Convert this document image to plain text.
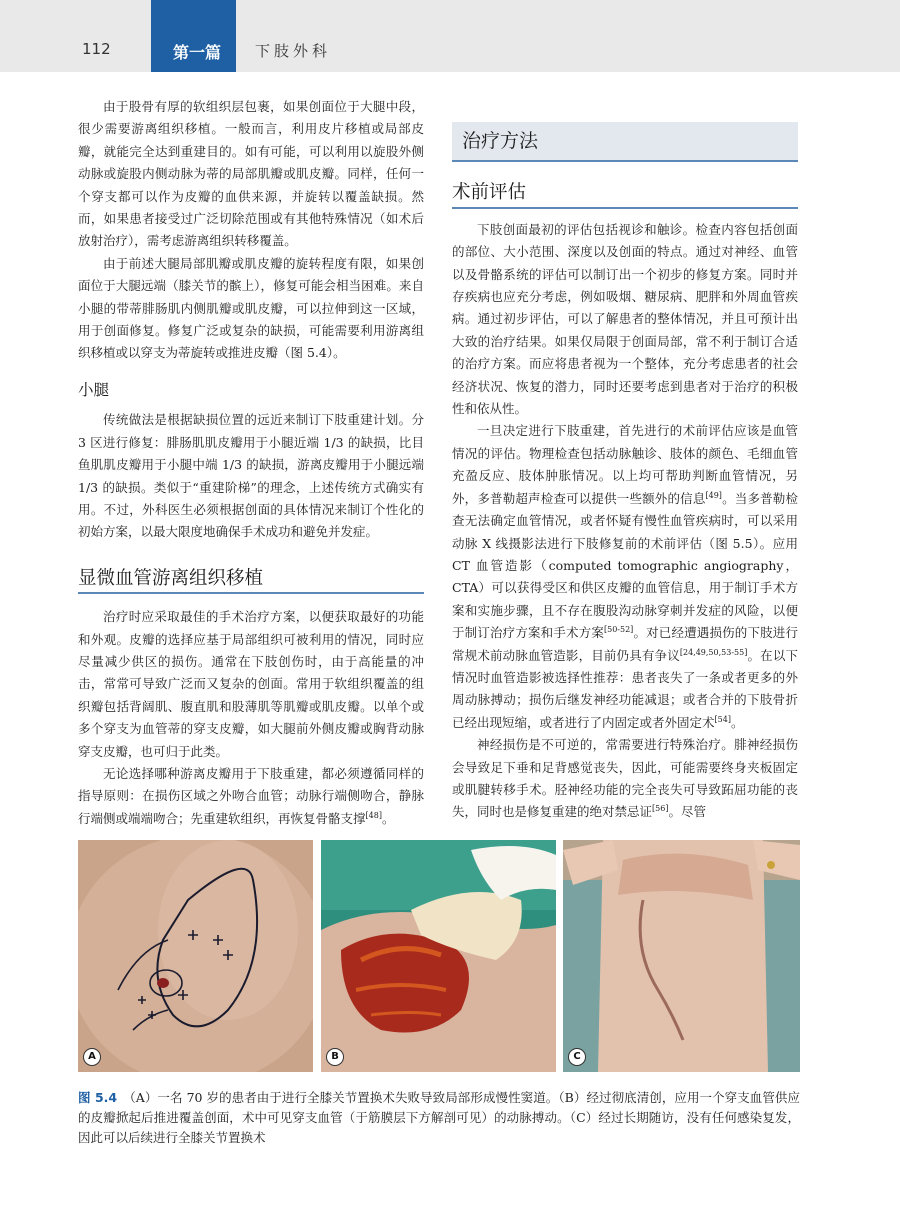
112	第一篇 下肢外科

由于股骨有厚的软组织层包裹，如果创面位于大腿中段，很少需要游离组织移植。一般而言，利用皮片移植或局部皮瓣，就能完全达到重建目的。如有可能，可以利用以旋股外侧动脉或旋股内侧动脉为蒂的局部肌瓣或肌皮瓣。同样，任何一个穿支都可以作为皮瓣的血供来源，并旋转以覆盖缺损。然而，如果患者接受过广泛切除范围或有其他特殊情况（如术后放射治疗），需考虑游离组织转移覆盖。

由于前述大腿局部肌瓣或肌皮瓣的旋转程度有限，如果创面位于大腿远端（膝关节的髌上），修复可能会相当困难。来自小腿的带蒂腓肠肌内侧肌瓣或肌皮瓣，可以拉伸到这一区域，用于创面修复。修复广泛或复杂的缺损，可能需要利用游离组织移植或以穿支为蒂旋转或推进皮瓣（图 5.4）。

小腿

传统做法是根据缺损位置的远近来制订下肢重建计划。分 3 区进行修复：腓肠肌肌皮瓣用于小腿近端 1/3 的缺损，比目鱼肌肌皮瓣用于小腿中端 1/3 的缺损，游离皮瓣用于小腿远端 1/3 的缺损。类似于“重建阶梯”的理念，上述传统方式确实有用。不过，外科医生必须根据创面的具体情况来制订个性化的初始方案，以最大限度地确保手术成功和避免并发症。

显微血管游离组织移植

治疗时应采取最佳的手术治疗方案，以便获取最好的功能和外观。皮瓣的选择应基于局部组织可被利用的情况，同时应尽量减少供区的损伤。通常在下肢创伤时，由于高能量的冲击，常常可导致广泛而又复杂的创面。常用于软组织覆盖的组织瓣包括背阔肌、腹直肌和股薄肌等肌瓣或肌皮瓣。以单个或多个穿支为血管蒂的穿支皮瓣，如大腿前外侧皮瓣或胸背动脉穿支皮瓣，也可归于此类。

无论选择哪种游离皮瓣用于下肢重建，都必须遵循同样的指导原则：在损伤区域之外吻合血管；动脉行端侧吻合，静脉行端侧或端端吻合；先重建软组织，再恢复骨骼支撑[48]。

治疗方法
术前评估

下肢创面最初的评估包括视诊和触诊。检查内容包括创面的部位、大小范围、深度以及创面的特点。通过对神经、血管以及骨骼系统的评估可以制订出一个初步的修复方案。同时并存疾病也应充分考虑，例如吸烟、糖尿病、肥胖和外周血管疾病。通过初步评估，可以了解患者的整体情况，并且可预计出大致的治疗结果。如果仅局限于创面局部，常不利于制订合适的治疗方案。而应将患者视为一个整体，充分考虑患者的社会经济状况、恢复的潜力，同时还要考虑到患者对于治疗的积极性和依从性。

一旦决定进行下肢重建，首先进行的术前评估应该是血管情况的评估。物理检查包括动脉触诊、肢体的颜色、毛细血管充盈反应、肢体肿胀情况。以上均可帮助判断血管情况，另外，多普勒超声检查可以提供一些额外的信息[49]。当多普勒检查无法确定血管情况，或者怀疑有慢性血管疾病时，可以采用动脉 X 线摄影法进行下肢修复前的术前评估（图 5.5）。应用 CT 血管造影（computed tomographic angiography，CTA）可以获得受区和供区皮瓣的血管信息，用于制订手术方案和实施步骤，且不存在腹股沟动脉穿刺并发症的风险，以便于制订治疗方案和手术方案[50-52]。对已经遭遇损伤的下肢进行常规术前动脉血管造影，目前仍具有争议[24,49,50,53-55]。在以下情况时血管造影被选择性推荐：患者丧失了一条或者更多的外周动脉搏动；损伤后继发神经功能减退；或者合并的下肢骨折已经出现短缩，或者进行了内固定或者外固定术[54]。

神经损伤是不可逆的，常需要进行特殊治疗。腓神经损伤会导致足下垂和足背感觉丧失，因此，可能需要终身夹板固定或肌腱转移手术。胫神经功能的完全丧失可导致跖屈功能的丧失，同时也是修复重建的绝对禁忌证[56]。尽管

A	B	C
图 5.4 （A）一名 70 岁的患者由于进行全膝关节置换术失败导致局部形成慢性窦道。（B）经过彻底清创，应用一个穿支血管供应的皮瓣掀起后推进覆盖创面，术中可见穿支血管（于筋膜层下方解剖可见）的动脉搏动。（C）经过长期随访，没有任何感染复发，因此可以后续进行全膝关节置换术
